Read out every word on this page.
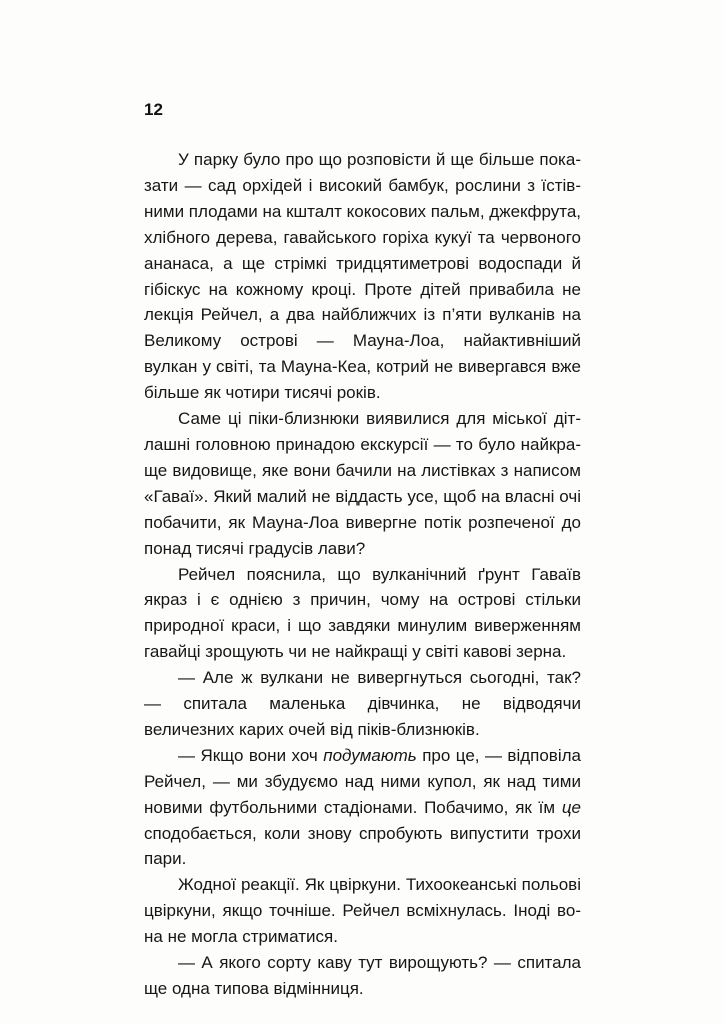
12

У парку було про що розповісти й ще більше показати — сад орхідей і високий бамбук, рослини з їстівними плодами на кшталт кокосових пальм, джекфрута, хлібного дерева, гавайського горіха кукуї та червоного ананаса, а ще стрімкі тридцятиметрові водоспади й гібіскус на кожному кроці. Проте дітей привабила не лекція Рейчел, а два найближчих із п’яти вулканів на Великому острові — Мауна-Лоа, найактивніший вулкан у світі, та Мауна-Кеа, котрий не вивергався вже більше як чотири тисячі років.

Саме ці піки-близнюки виявилися для міської дітлашні головною принадою екскурсії — то було найкраще видовище, яке вони бачили на листівках з написом «Гаваї». Який малий не віддасть усе, щоб на власні очі побачити, як Мауна-Лоа вивергне потік розпеченої до понад тисячі градусів лави?

Рейчел пояснила, що вулканічний ґрунт Гаваїв якраз і є однією з причин, чому на острові стільки природної краси, і що завдяки минулим виверженням гавайці зрощують чи не найкращі у світі кавові зерна.

— Але ж вулкани не вивергнуться сьогодні, так? — спитала маленька дівчинка, не відводячи величезних карих очей від піків-близнюків.

— Якщо вони хоч подумають про це, — відповіла Рейчел, — ми збудуємо над ними купол, як над тими новими футбольними стадіонами. Побачимо, як їм це сподобається, коли знову спробують випустити трохи пари.

Жодної реакції. Як цвіркуни. Тихоокеанські польові цвіркуни, якщо точніше. Рейчел всміхнулась. Іноді вона не могла стриматися.

— А якого сорту каву тут вирощують? — спитала ще одна типова відмінниця.
